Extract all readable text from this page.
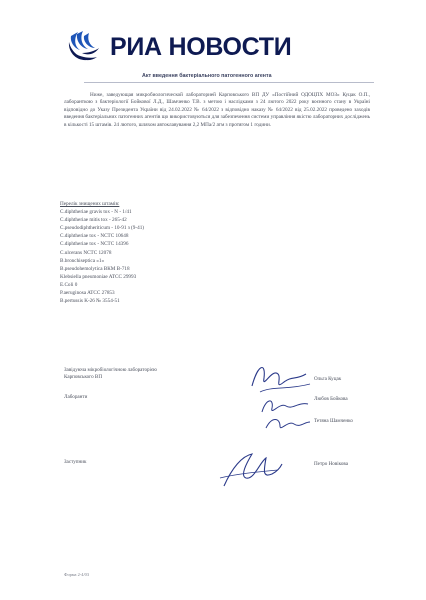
РИА НОВОСТИ
Акт введення бактеріального патогенного агента
Ниже, заведующая микробиологической лабораторией Карповського ВП ДУ «Постійний ОДОЦПХ МОЗ» Куцак О.П., лаборанткою з бактеріології Бойкової Л.Д., Шамченко Т.В. з метою і наслідками з 24 лютого 2022 року воєнного стану в Україні відповідно до Указу Президента України від 24.02.2022 № 64/2022 з відповідно наказу № 64/2022 від 25.02.2022 проведено заходів введення бактеріальних патогенних агентів що використовуються для забезпечення системи управління якістю лабораторних досліджень в кількості 15 штамів. 24 лютого, шляхом автоклавування 2,2 МПа/2 атм з протягом 1 години.
Перелік знищених штамів:
C.diphtheriae gravis tox - N - 1/41
C.diphtheriae mitis tox - 265-42
C.pseudodiphtheriticum - 10-91 з (9-41)
C.diphtheriae tox - NCTC 10648
C.diphtheriae tox - NCTC 14396
C.ulcerans NCTC 12078
B.bronchiseptica «1»
B.pseudohemolytica ВКМ В-718
Klebsiella pneumoniae ATCC 29993
E.Coli 0
P.aeruginosa ATCC 27853
B.pertussis K-26 № 3554-51
Завідуюча мікробіологічною лабораторією
Карповського ВП	Ольга Куцак
Лаборанти	Любов Бойкова
Тетяна Шамченко
Заступник	Петро Новікова
Форма 2-4/03
